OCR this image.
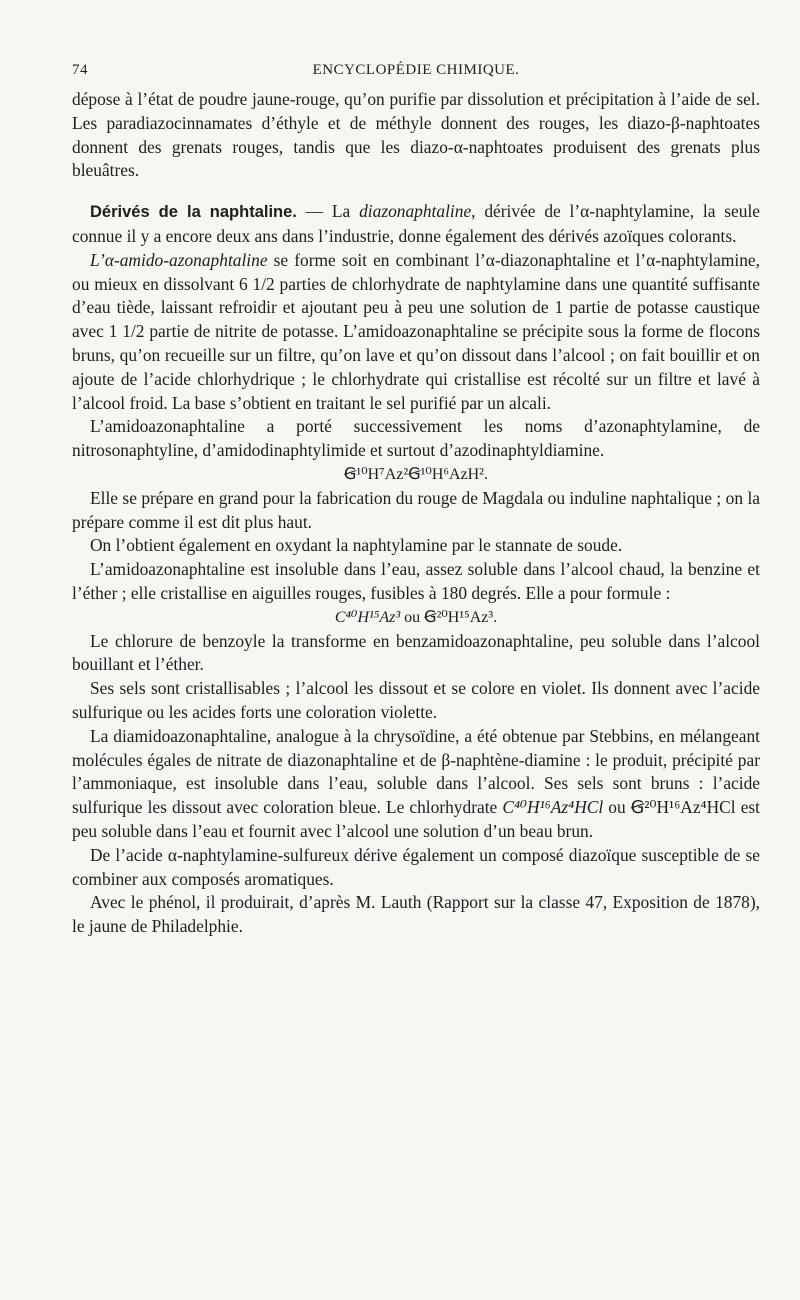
74	ENCYCLOPÉDIE CHIMIQUE.

dépose à l’état de poudre jaune-rouge, qu’on purifie par dissolution et précipitation à l’aide de sel. Les paradiazocinnamates d’éthyle et de méthyle donnent des rouges, les diazo-β-naphtoates donnent des grenats rouges, tandis que les diazo-α-naphtoates produisent des grenats plus bleuâtres.

Dérivés de la naphtaline. — La diazonaphtaline, dérivée de l’α-naphtylamine, la seule connue il y a encore deux ans dans l’industrie, donne également des dérivés azoïques colorants.

L’α-amido-azonaphtaline se forme soit en combinant l’α-diazonaphtaline et l’α-naphtylamine, ou mieux en dissolvant 6 1/2 parties de chlorhydrate de naphtylamine dans une quantité suffisante d’eau tiède, laissant refroidir et ajoutant peu à peu une solution de 1 partie de potasse caustique avec 1 1/2 partie de nitrite de potasse. L’amidoazonaphtaline se précipite sous la forme de flocons bruns, qu’on recueille sur un filtre, qu’on lave et qu’on dissout dans l’alcool ; on fait bouillir et on ajoute de l’acide chlorhydrique ; le chlorhydrate qui cristallise est récolté sur un filtre et lavé à l’alcool froid. La base s’obtient en traitant le sel purifié par un alcali.

L’amidoazonaphtaline a porté successivement les noms d’azonaphtylamine, de nitrosonaphtyline, d’amidodinaphtylimide et surtout d’azodinaphtyldiamine.

Ꞡ¹⁰H⁷Az²Ꞡ¹⁰H⁶AzH².

Elle se prépare en grand pour la fabrication du rouge de Magdala ou induline naphtalique ; on la prépare comme il est dit plus haut.

On l’obtient également en oxydant la naphtylamine par le stannate de soude.

L’amidoazonaphtaline est insoluble dans l’eau, assez soluble dans l’alcool chaud, la benzine et l’éther ; elle cristallise en aiguilles rouges, fusibles à 180 degrés. Elle a pour formule :

C⁴⁰H¹⁵Az³ ou Ꞡ²⁰H¹⁵Az³.

Le chlorure de benzoyle la transforme en benzamidoazonaphtaline, peu soluble dans l’alcool bouillant et l’éther.

Ses sels sont cristallisables ; l’alcool les dissout et se colore en violet. Ils donnent avec l’acide sulfurique ou les acides forts une coloration violette.

La diamidoazonaphtaline, analogue à la chrysoïdine, a été obtenue par Stebbins, en mélangeant molécules égales de nitrate de diazonaphtaline et de β-naphtène-diamine : le produit, précipité par l’ammoniaque, est insoluble dans l’eau, soluble dans l’alcool. Ses sels sont bruns : l’acide sulfurique les dissout avec coloration bleue. Le chlorhydrate C⁴⁰H¹⁶Az⁴HCl ou Ꞡ²⁰H¹⁶Az⁴HCl est peu soluble dans l’eau et fournit avec l’alcool une solution d’un beau brun.

De l’acide α-naphtylamine-sulfureux dérive également un composé diazoïque susceptible de se combiner aux composés aromatiques.

Avec le phénol, il produirait, d’après M. Lauth (Rapport sur la classe 47, Exposition de 1878), le jaune de Philadelphie.
